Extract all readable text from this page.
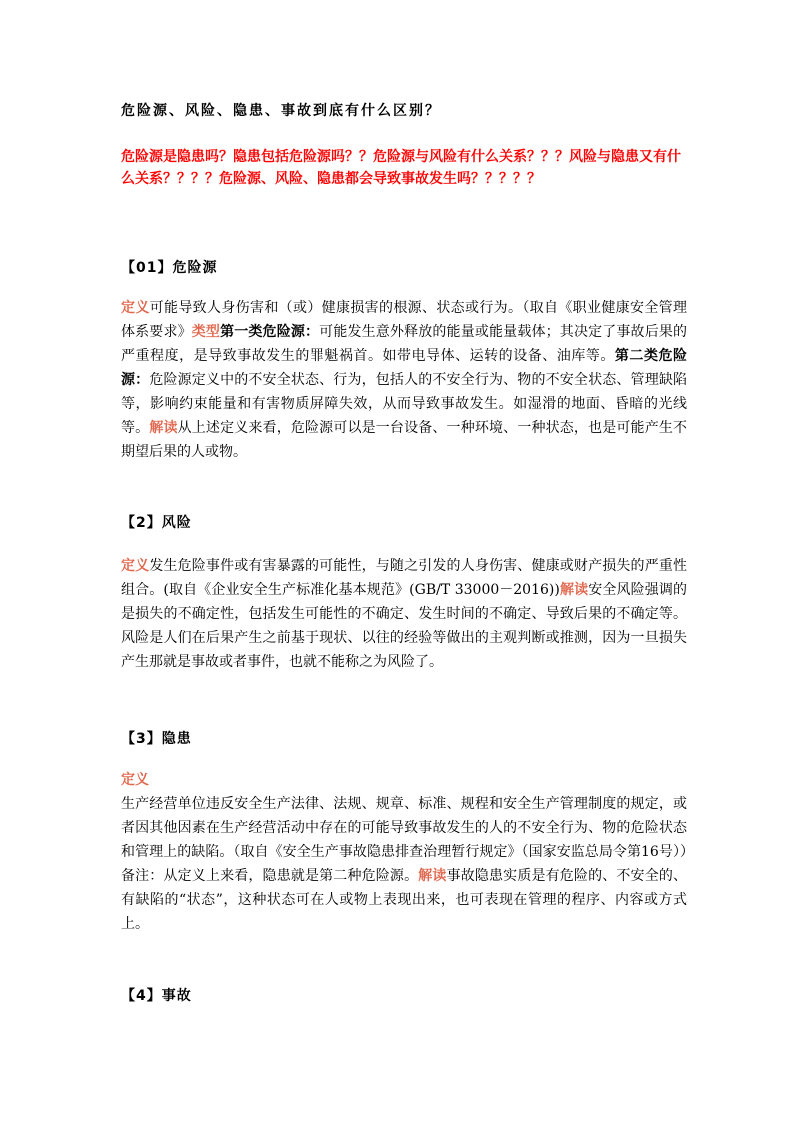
危险源、风险、隐患、事故到底有什么区别？
危险源是隐患吗？隐患包括危险源吗？？危险源与风险有什么关系？？？风险与隐患又有什么关系？？？？危险源、风险、隐患都会导致事故发生吗？？？？？
【01】危险源
定义可能导致人身伤害和（或）健康损害的根源、状态或行为。（取自《职业健康安全管理体系要求》类型第一类危险源：可能发生意外释放的能量或能量载体；其决定了事故后果的严重程度，是导致事故发生的罪魁祸首。如带电导体、运转的设备、油库等。第二类危险源：危险源定义中的不安全状态、行为，包括人的不安全行为、物的不安全状态、管理缺陷等，影响约束能量和有害物质屏障失效，从而导致事故发生。如湿滑的地面、昏暗的光线等。解读从上述定义来看，危险源可以是一台设备、一种环境、一种状态，也是可能产生不期望后果的人或物。
【2】风险
定义发生危险事件或有害暴露的可能性，与随之引发的人身伤害、健康或财产损失的严重性组合。(取自《企业安全生产标准化基本规范》(GB/T 33000－2016))解读安全风险强调的是损失的不确定性，包括发生可能性的不确定、发生时间的不确定、导致后果的不确定等。风险是人们在后果产生之前基于现状、以往的经验等做出的主观判断或推测，因为一旦损失产生那就是事故或者事件，也就不能称之为风险了。
【3】隐患
定义
生产经营单位违反安全生产法律、法规、规章、标准、规程和安全生产管理制度的规定，或者因其他因素在生产经营活动中存在的可能导致事故发生的人的不安全行为、物的危险状态和管理上的缺陷。（取自《安全生产事故隐患排查治理暂行规定》（国家安监总局令第16号））备注：从定义上来看，隐患就是第二种危险源。解读事故隐患实质是有危险的、不安全的、有缺陷的“状态”，这种状态可在人或物上表现出来，也可表现在管理的程序、内容或方式上。
【4】事故
